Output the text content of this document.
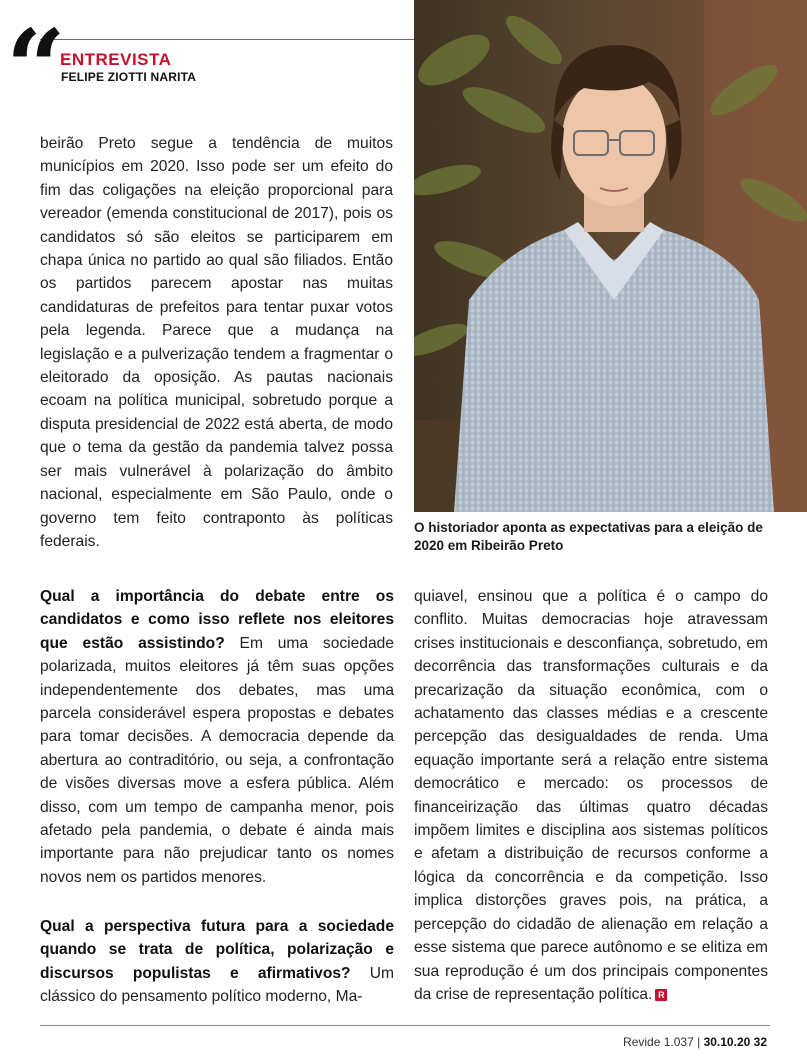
“ ENTREVISTA
FELIPE ZIOTTI NARITA
O historiador aponta as expectativas para a eleição de 2020 em Ribeirão Preto

beirão Preto segue a tendência de muitos municípios em 2020. Isso pode ser um efeito do fim das coligações na eleição proporcional para vereador (emenda constitucional de 2017), pois os candidatos só são eleitos se participarem em chapa única no partido ao qual são filiados. Então os partidos parecem apostar nas muitas candidaturas de prefeitos para tentar puxar votos pela legenda. Parece que a mudança na legislação e a pulverização tendem a fragmentar o eleitorado da oposição. As pautas nacionais ecoam na política municipal, sobretudo porque a disputa presidencial de 2022 está aberta, de modo que o tema da gestão da pandemia talvez possa ser mais vulnerável à polarização do âmbito nacional, especialmente em São Paulo, onde o governo tem feito contraponto às políticas federais.

Qual a importância do debate entre os candidatos e como isso reflete nos eleitores que estão assistindo? Em uma sociedade polarizada, muitos eleitores já têm suas opções independentemente dos debates, mas uma parcela considerável espera propostas e debates para tomar decisões. A democracia depende da abertura ao contraditório, ou seja, a confrontação de visões diversas move a esfera pública. Além disso, com um tempo de campanha menor, pois afetado pela pandemia, o debate é ainda mais importante para não prejudicar tanto os nomes novos nem os partidos menores.

Qual a perspectiva futura para a sociedade quando se trata de política, polarização e discursos populistas e afirmativos? Um clássico do pensamento político moderno, Ma-

quiavel, ensinou que a política é o campo do conflito. Muitas democracias hoje atravessam crises institucionais e desconfiança, sobretudo, em decorrência das transformações culturais e da precarização da situação econômica, com o achatamento das classes médias e a crescente percepção das desigualdades de renda. Uma equação importante será a relação entre sistema democrático e mercado: os processos de financeirização das últimas quatro décadas impõem limites e disciplina aos sistemas políticos e afetam a distribuição de recursos conforme a lógica da concorrência e da competição. Isso implica distorções graves pois, na prática, a percepção do cidadão de alienação em relação a esse sistema que parece autônomo e se elitiza em sua reprodução é um dos principais componentes da crise de representação política. R

Revide 1.037 | 30.10.20 32
